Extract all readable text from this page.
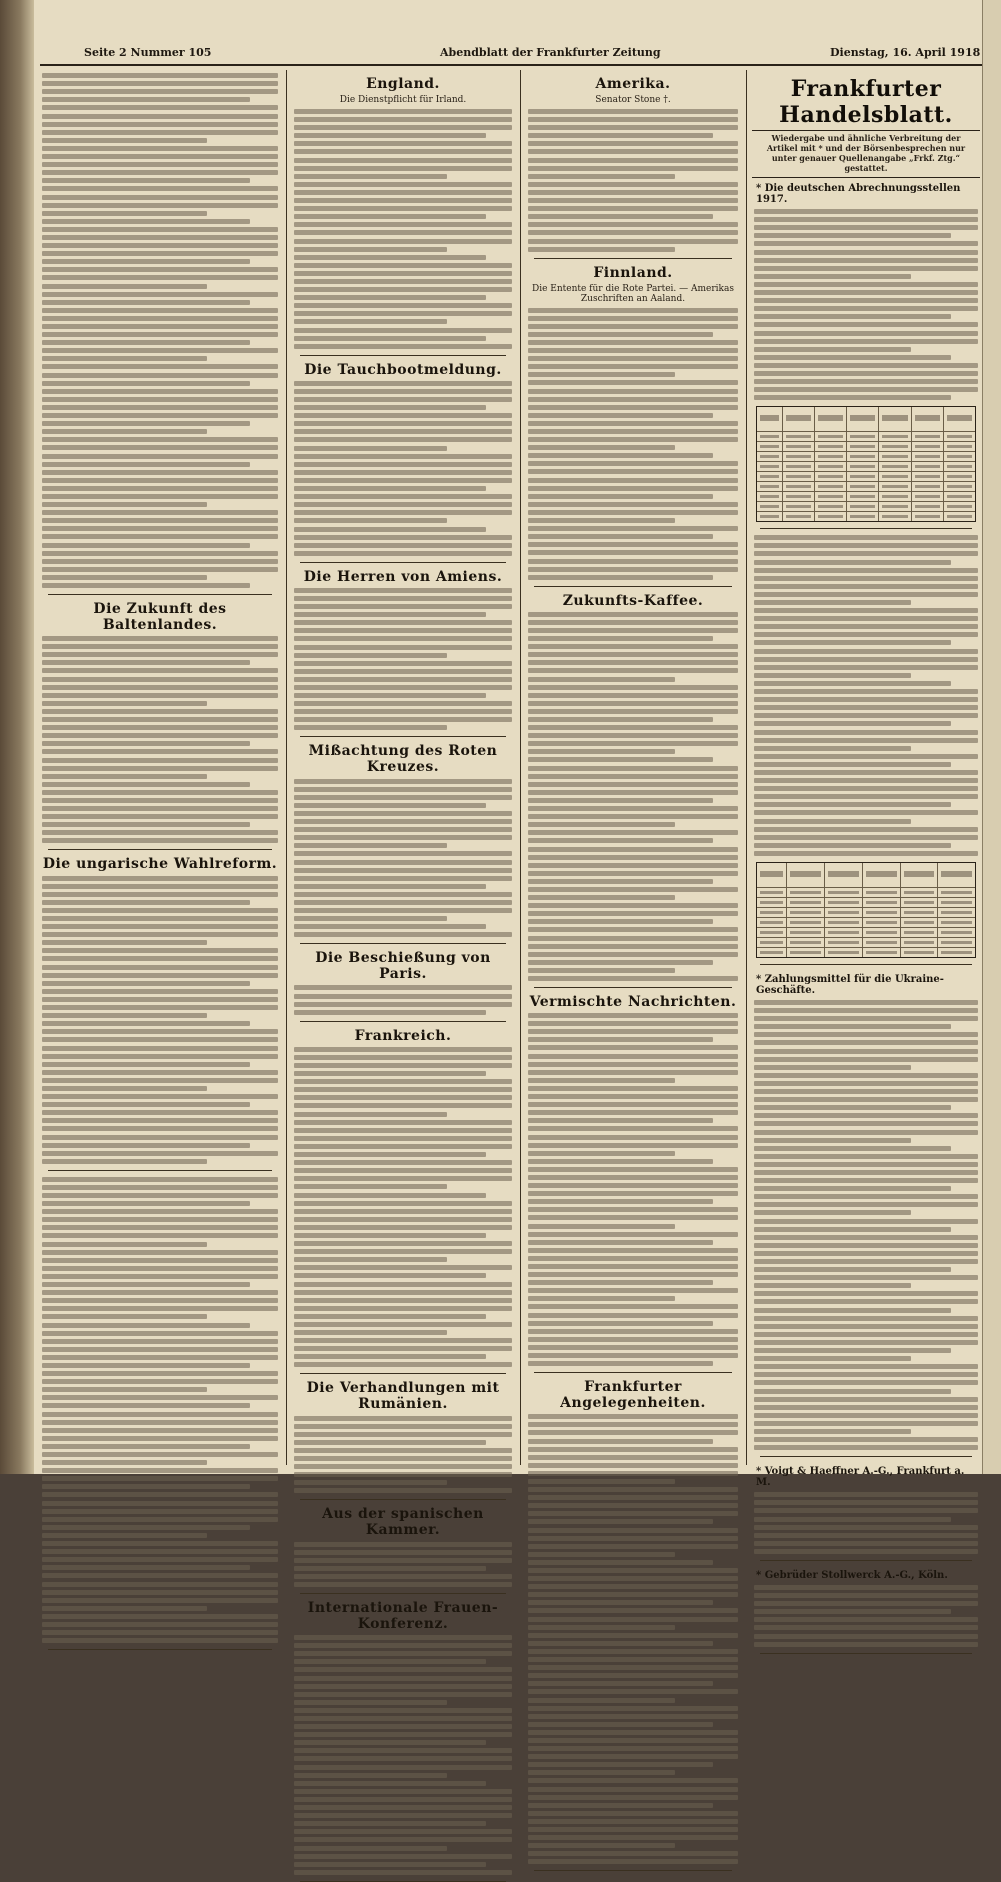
Seite 2 Nummer 105	Abendblatt der Frankfurter Zeitung	Dienstag, 16. April 1918
Die Zukunft des Baltenlandes.
Die ungarische Wahlreform.
England.
Die Dienstpflicht für Irland.
Die Tauchbootmeldung.
Die Herren von Amiens.
Mißachtung des Roten Kreuzes.
Die Beschießung von Paris.
Frankreich.
Die Verhandlungen mit Rumänien.
Aus der spanischen Kammer.
Internationale Frauen-Konferenz.
Amerika.
Senator Stone †.
Finnland.
Die Entente für die Rote Partei. — Amerikas Zuschriften an Aaland.
Zukunfts-Kaffee.
Vermischte Nachrichten.
Frankfurter Angelegenheiten.
Frankfurter Handelsblatt.
Wiedergabe und ähnliche Verbreitung der Artikel mit * und der Börsenbesprechen nur unter genauer Quellenangabe „Frkf. Ztg.“ gestattet.
* Die deutschen Abrechnungsstellen 1917.
* Zahlungsmittel für die Ukraine-Geschäfte.
* Voigt & Haeffner A.-G., Frankfurt a. M.
* Gebrüder Stollwerck A.-G., Köln.
